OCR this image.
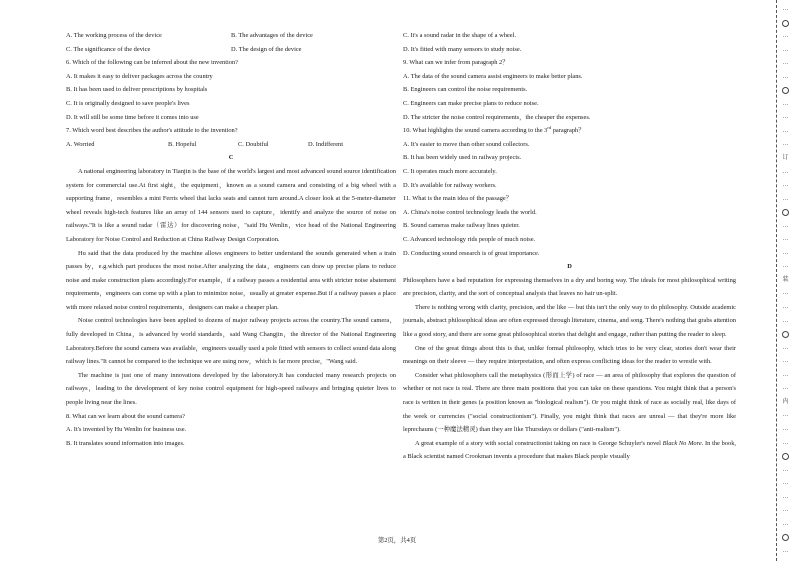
A. The working process of the device	B. The advantages of the device
C. The significance of the device	D. The design of the device
6. Which of the following can be inferred about the new invention?
A. It makes it easy to deliver packages across the country
B. It has been used to deliver prescriptions by hospitals
C. It is originally designed to save people's lives
D. It will still be some time before it comes into use
7. Which word best describes the author's attitude to the invention?
A. Worried	B. Hopeful	C. Doubtful	D. Indifferent
C
A national engineering laboratory in Tianjin is the base of the world's largest and most advanced sound source identification system for commercial use.At first sight，the equipment，known as a sound camera and consisting of a big wheel with a supporting frame，resembles a mini Ferris wheel that lacks seats and cannot turn around.A closer look at the 5-meter-diameter wheel reveals high-tech features like an array of 144 sensors used to capture，identify and analyze the source of noise on railways."It is like a sound radar（雷达）for discovering noise，"said Hu Wenlin，vice head of the National Engineering Laboratory for Noise Control and Reduction at China Railway Design Corporation.
Hu said that the data produced by the machine allows engineers to better understand the sounds generated when a train passes by，e.g.which part produces the most noise.After analyzing the data，engineers can draw up precise plans to reduce noise and make construction plans accordingly.For example，if a railway passes a residential area with stricter noise abatement requirements，engineers can come up with a plan to minimize noise，usually at greater expense.But if a railway passes a place with more relaxed noise control requirements，designers can make a cheaper plan.
Noise control technologies have been applied to dozens of major railway projects across the country.The sound camera，fully developed in China，is advanced by world standards，said Wang Changjin，the director of the National Engineering Laboratory.Before the sound camera was available，engineers usually used a pole fitted with sensors to collect sound data along railway lines."It cannot be compared to the technique we are using now，which is far more precise，"Wang said.
The machine is just one of many innovations developed by the laboratory.It has conducted many research projects on railways，leading to the development of key noise control equipment for high-speed railways and bringing quieter lives to people living near the lines.
8. What can we learn about the sound camera?
A. It's invented by Hu Wenlin for business use.
B. It translates sound information into images.
C. It's a sound radar in the shape of a wheel.
D. It's fitted with many sensors to study noise.
9. What can we infer from paragraph 2？
A. The data of the sound camera assist engineers to make better plans.
B. Engineers can control the noise requirements.
C. Engineers can make precise plans to reduce noise.
D. The stricter the noise control requirements，the cheaper the expenses.
10. What highlights the sound camera according to the 3rd paragraph？
A. It's easier to move than other sound collectors.
B. It has been widely used in railway projects.
C. It operates much more accurately.
D. It's available for railway workers.
11. What is the main idea of the passage？
A. China's noise control technology leads the world.
B. Sound cameras make railway lines quieter.
C. Advanced technology rids people of much noise.
D. Conducting sound research is of great importance.
D
Philosophers have a bad reputation for expressing themselves in a dry and boring way. The ideals for most philosophical writing are precision, clarity, and the sort of conceptual analysis that leaves no hair un-split.
There is nothing wrong with clarity, precision, and the like — but this isn't the only way to do philosophy. Outside academic journals, abstract philosophical ideas are often expressed through literature, cinema, and song. There's nothing that grabs attention like a good story, and there are some great philosophical stories that delight and engage, rather than putting the reader to sleep.
One of the great things about this is that, unlike formal philosophy, which tries to be very clear, stories don't wear their meanings on their sleeve — they require interpretation, and often express conflicting ideas for the reader to wrestle with.
Consider what philosophers call the metaphysics (形而上学) of race — an area of philosophy that explores the question of whether or not race is real. There are three main positions that you can take on these questions. You might think that a person's race is written in their genes (a position known as "biological realism"). Or you might think of race as socially real, like days of the week or currencies ("social constructionism"). Finally, you might think that races are unreal — that they're more like leprechauns (一种魔法精灵) than they are like Thursdays or dollars ("anti-realism").
A great example of a story with social constructionist taking on race is George Schuyler's novel Black No More. In the book, a Black scientist named Crookman invents a procedure that makes Black people visually
第2页，共4页
…
…
…
…
…
…
…
…
…
订
…
…
…
…
…
…
…
装
…
…
…
…
…
…
…
内
…
…
…
…
…
…
…
…
…
